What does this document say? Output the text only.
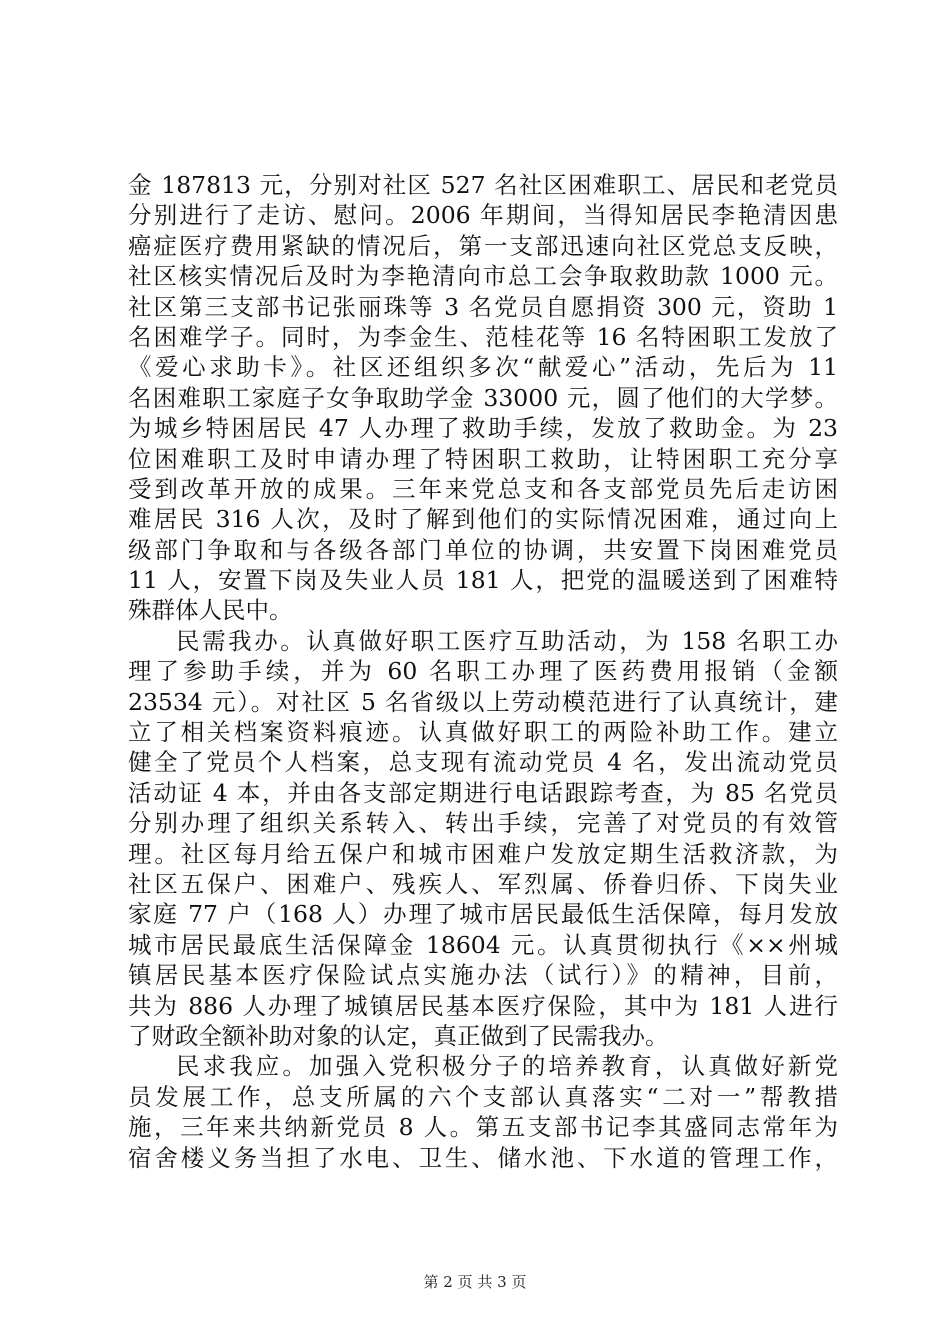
金 187813 元，分别对社区 527 名社区困难职工、居民和老党员
分别进行了走访、慰问。2006 年期间，当得知居民李艳清因患
癌症医疗费用紧缺的情况后，第一支部迅速向社区党总支反映，
社区核实情况后及时为李艳清向市总工会争取救助款 1000 元。
社区第三支部书记张丽珠等 3 名党员自愿捐资 300 元，资助 1
名困难学子。同时，为李金生、范桂花等 16 名特困职工发放了
《爱心求助卡》。社区还组织多次“献爱心”活动，先后为 11
名困难职工家庭子女争取助学金 33000 元，圆了他们的大学梦。
为城乡特困居民 47 人办理了救助手续，发放了救助金。为 23
位困难职工及时申请办理了特困职工救助，让特困职工充分享
受到改革开放的成果。三年来党总支和各支部党员先后走访困
难居民 316 人次，及时了解到他们的实际情况困难，通过向上
级部门争取和与各级各部门单位的协调，共安置下岗困难党员
11 人，安置下岗及失业人员 181 人，把党的温暖送到了困难特
殊群体人民中。
民需我办。认真做好职工医疗互助活动，为 158 名职工办
理了参助手续，并为 60 名职工办理了医药费用报销（金额
23534 元）。对社区 5 名省级以上劳动模范进行了认真统计，建
立了相关档案资料痕迹。认真做好职工的两险补助工作。建立
健全了党员个人档案，总支现有流动党员 4 名，发出流动党员
活动证 4 本，并由各支部定期进行电话跟踪考查，为 85 名党员
分别办理了组织关系转入、转出手续，完善了对党员的有效管
理。社区每月给五保户和城市困难户发放定期生活救济款，为
社区五保户、困难户、残疾人、军烈属、侨眷归侨、下岗失业
家庭 77 户（168 人）办理了城市居民最低生活保障，每月发放
城市居民最底生活保障金 18604 元。认真贯彻执行《××州城
镇居民基本医疗保险试点实施办法（试行）》的精神，目前，
共为 886 人办理了城镇居民基本医疗保险，其中为 181 人进行
了财政全额补助对象的认定，真正做到了民需我办。
民求我应。加强入党积极分子的培养教育，认真做好新党
员发展工作，总支所属的六个支部认真落实“二对一”帮教措
施，三年来共纳新党员 8 人。第五支部书记李其盛同志常年为
宿舍楼义务当担了水电、卫生、储水池、下水道的管理工作，
第 2 页 共 3 页
